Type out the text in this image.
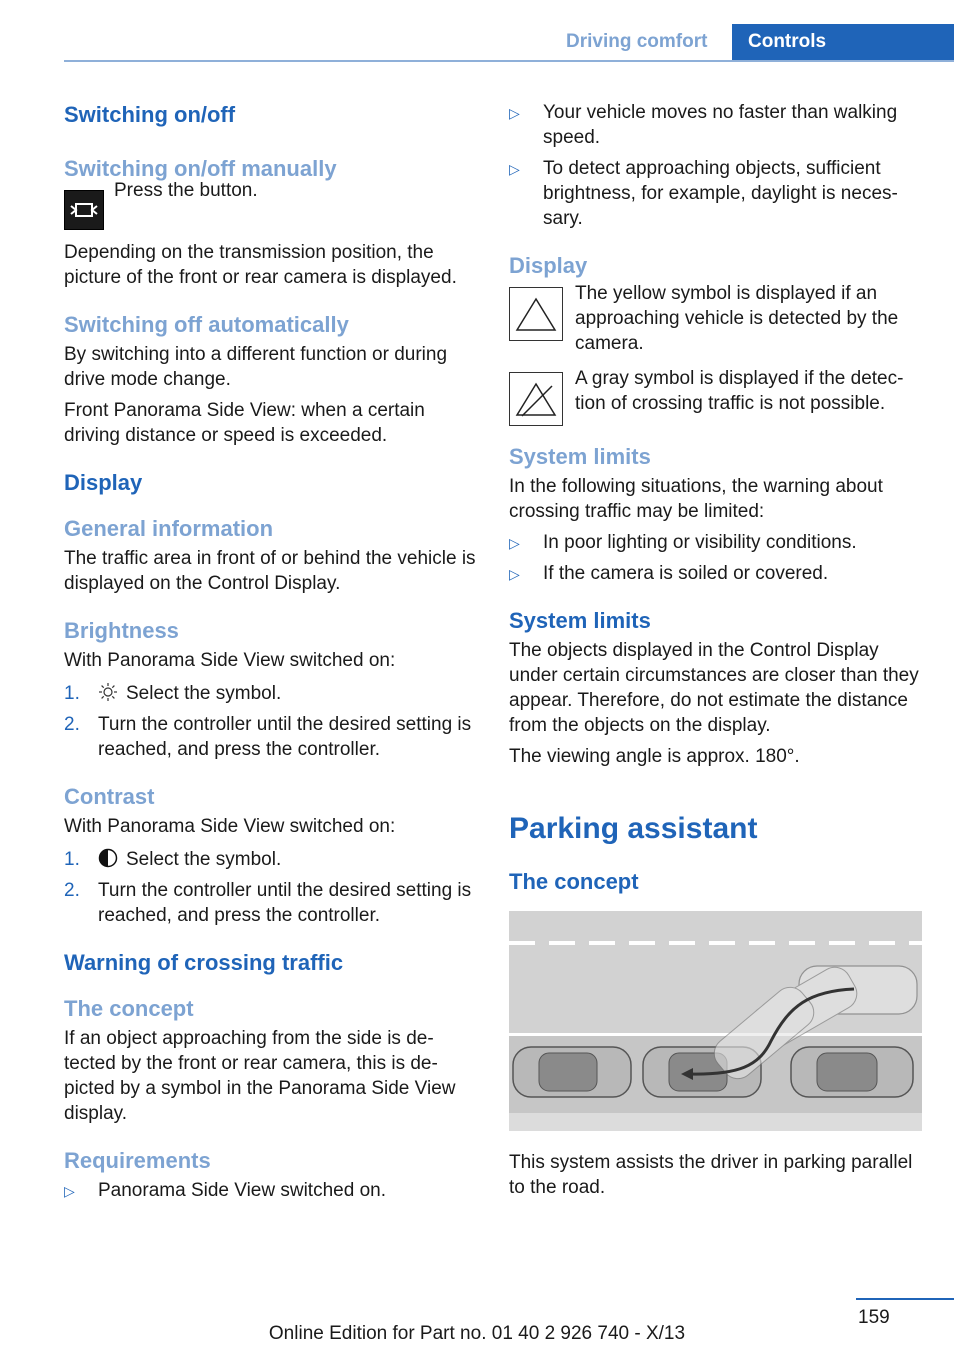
Driving comfort Controls
Switching on/off
Switching on/off manually
Press the button.

Depending on the transmission position, the picture of the front or rear camera is displayed.

Switching off automatically

By switching into a different function or during drive mode change.

Front Panorama Side View: when a certain driving distance or speed is exceeded.

Display
General information

The traffic area in front of or behind the vehicle is displayed on the Control Display.

Brightness

With Panorama Side View switched on:

1. Select the symbol.
2. Turn the controller until the desired setting is reached, and press the controller.
Contrast

With Panorama Side View switched on:

1. Select the symbol.
2. Turn the controller until the desired setting is reached, and press the controller.
Warning of crossing traffic
The concept

If an object approaching from the side is detected by the front or rear camera, this is depicted by a symbol in the Panorama Side View display.

Requirements
▷ Panorama Side View switched on.
▷ Your vehicle moves no faster than walking speed.
▷ To detect approaching objects, sufficient brightness, for example, daylight is necessary.
Display
The yellow symbol is displayed if an approaching vehicle is detected by the camera.
A gray symbol is displayed if the detection of crossing traffic is not possible.
System limits

In the following situations, the warning about crossing traffic may be limited:

▷ In poor lighting or visibility conditions.
▷ If the camera is soiled or covered.
System limits

The objects displayed in the Control Display under certain circumstances are closer than they appear. Therefore, do not estimate the distance from the objects on the display.

The viewing angle is approx. 180°.

Parking assistant
The concept

This system assists the driver in parking parallel to the road.

159
Online Edition for Part no. 01 40 2 926 740 - X/13
